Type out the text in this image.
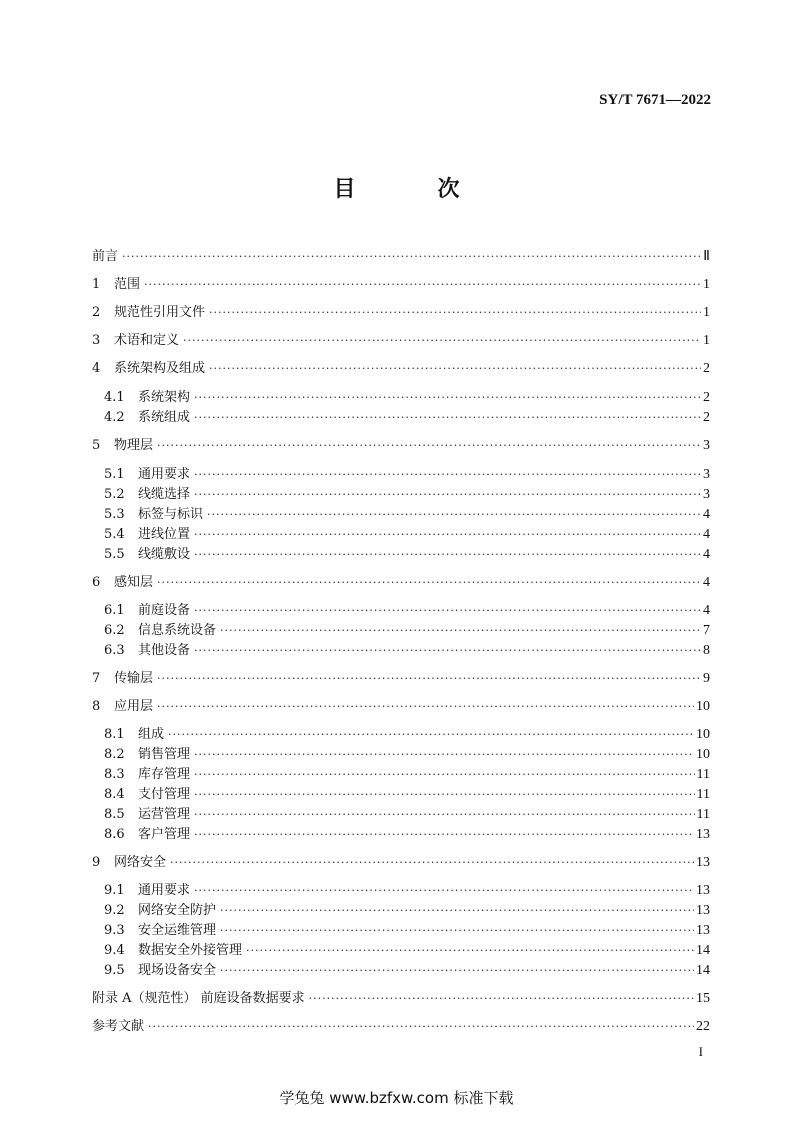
SY/T 7671—2022
目　次
前言 ·····	Ⅱ
1	范围 ·····	1
2	规范性引用文件 ·····	1
3	术语和定义 ·····	1
4	系统架构及组成 ·····	2
4.1	系统架构 ·····	2
4.2	系统组成 ·····	2
5	物理层 ·····	3
5.1	通用要求 ·····	3
5.2	线缆选择 ·····	3
5.3	标签与标识 ·····	4
5.4	进线位置 ·····	4
5.5	线缆敷设 ·····	4
6	感知层 ·····	4
6.1	前庭设备 ·····	4
6.2	信息系统设备 ·····	7
6.3	其他设备 ·····	8
7	传输层 ·····	9
8	应用层 ·····	10
8.1	组成 ·····	10
8.2	销售管理 ·····	10
8.3	库存管理 ·····	11
8.4	支付管理 ·····	11
8.5	运营管理 ·····	11
8.6	客户管理 ·····	13
9	网络安全 ·····	13
9.1	通用要求 ·····	13
9.2	网络安全防护 ·····	13
9.3	安全运维管理 ·····	13
9.4	数据安全外接管理 ·····	14
9.5	现场设备安全 ·····	14
附录 A（规范性） 前庭设备数据要求 ·····	15
参考文献 ·····	22
I
学兔兔 www.bzfxw.com 标准下载
